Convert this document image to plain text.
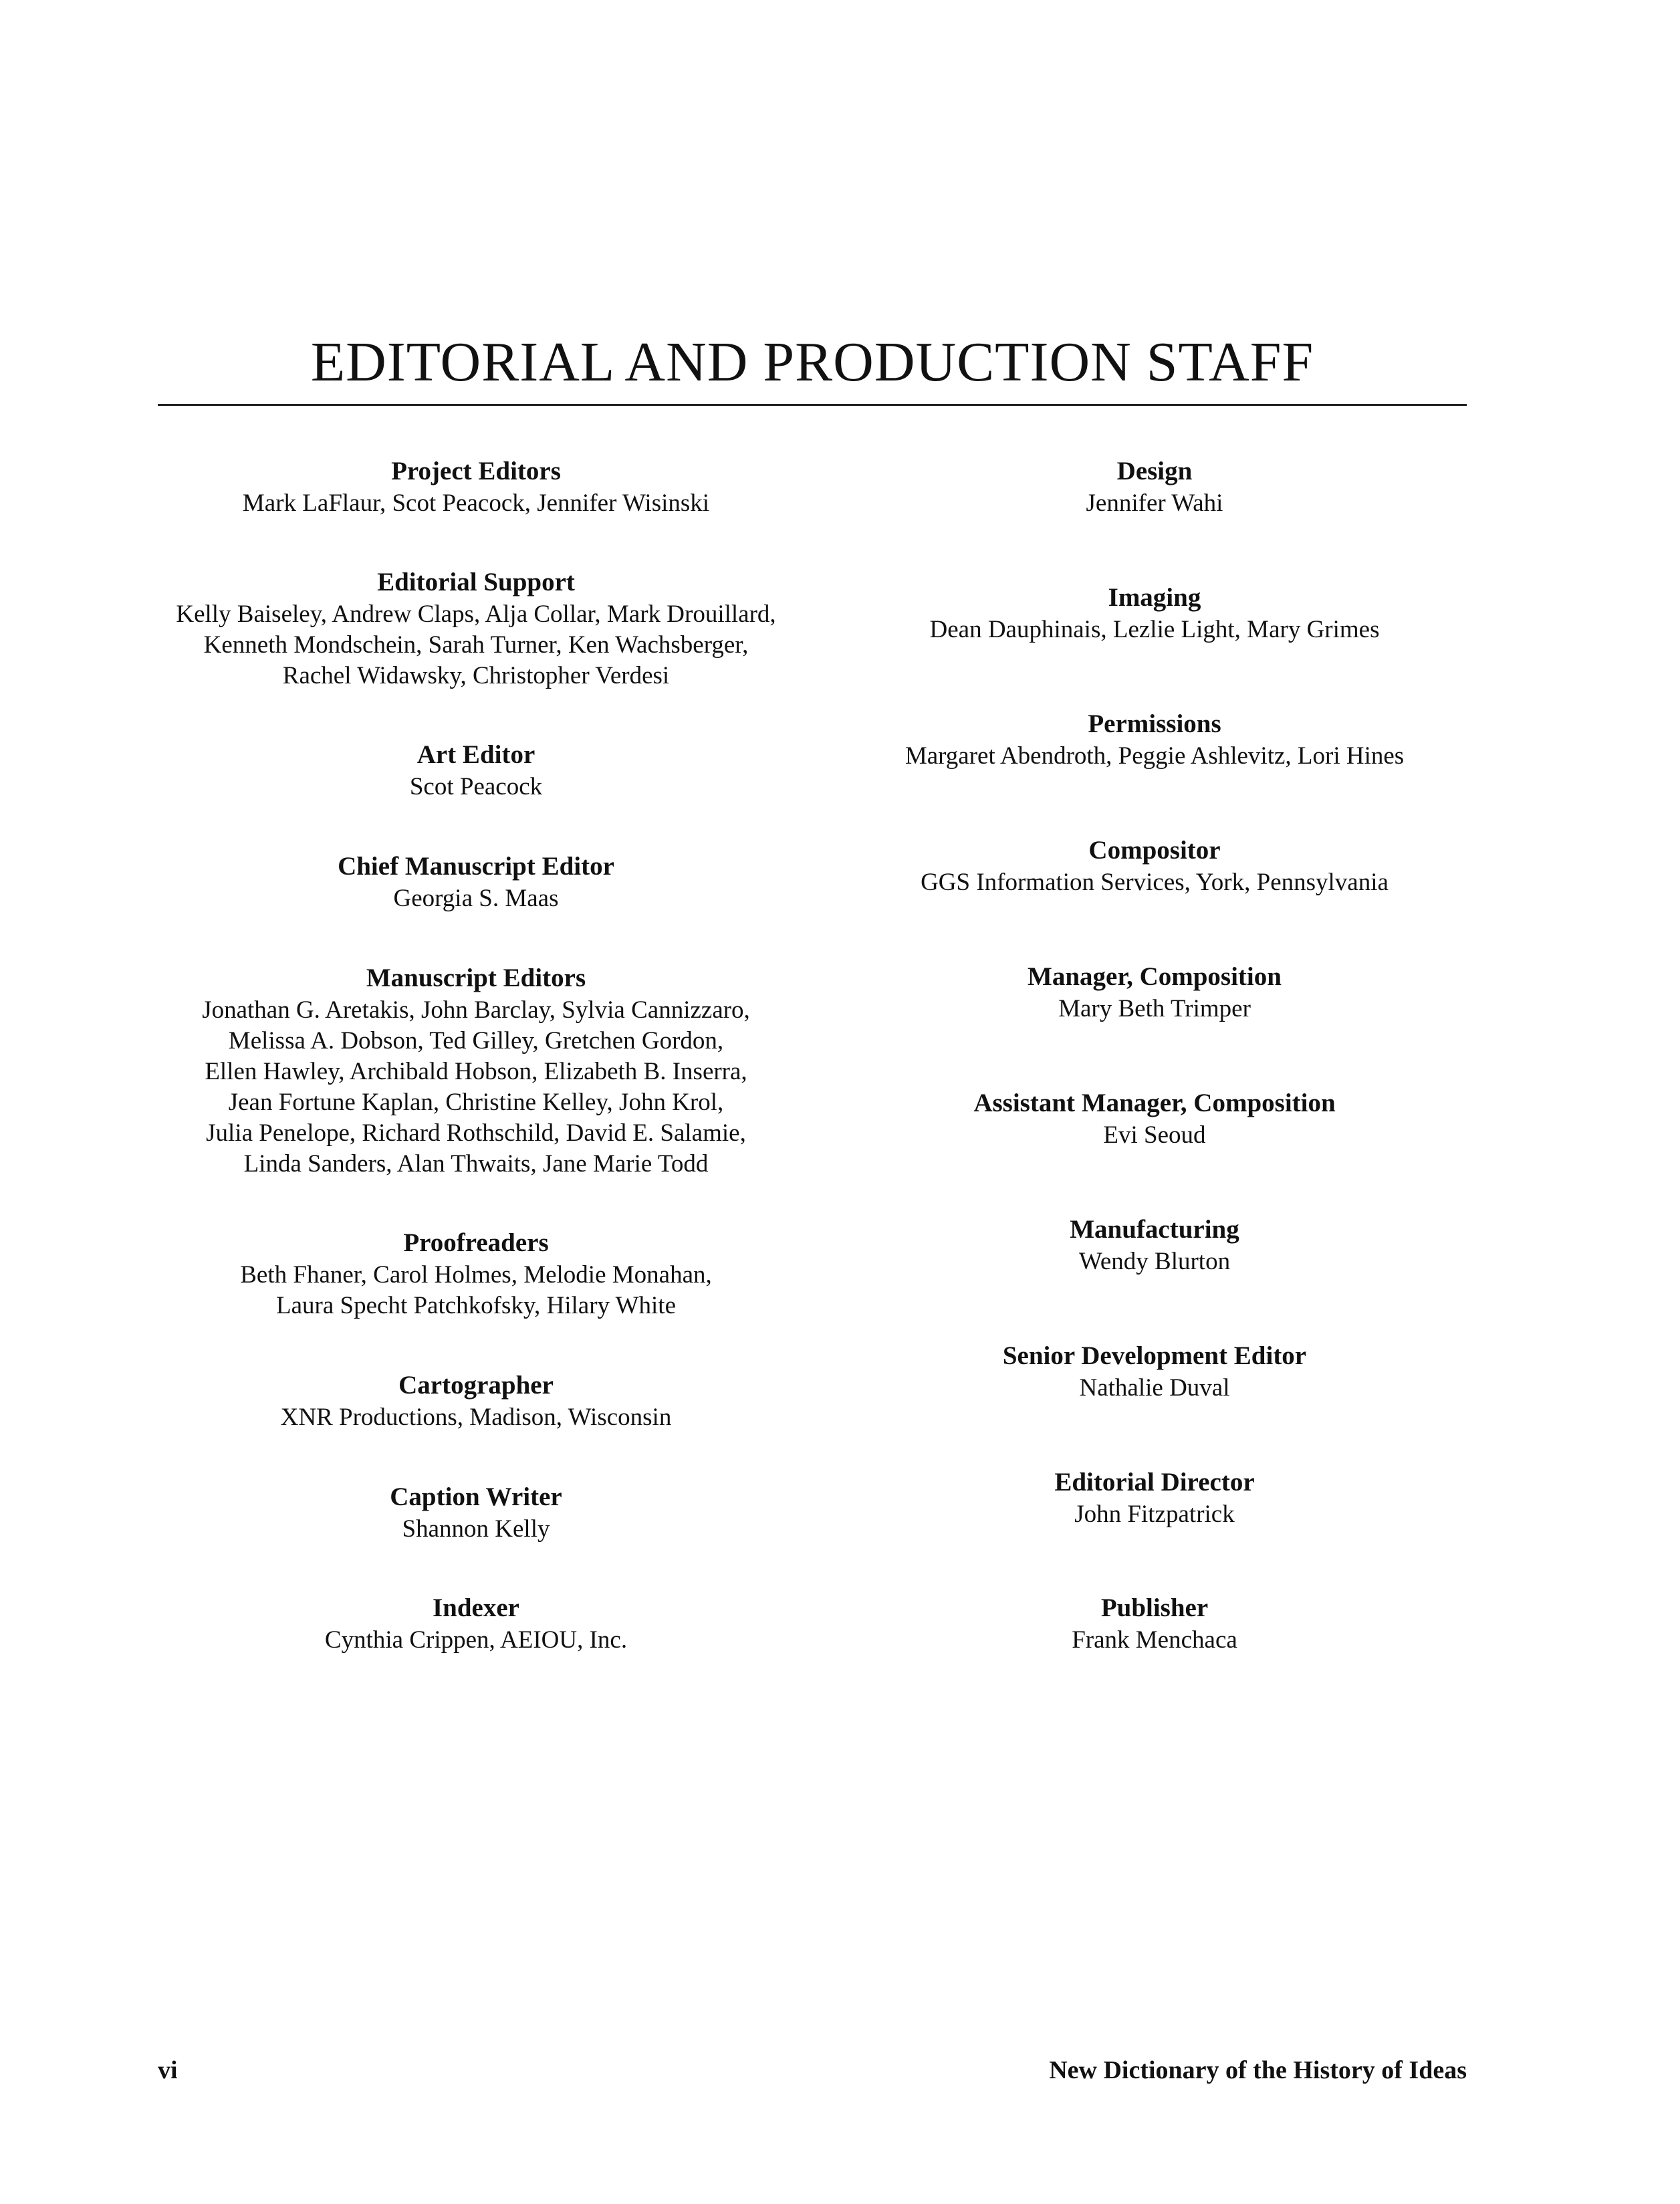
EDITORIAL AND PRODUCTION STAFF

Project Editors

Mark LaFlaur, Scot Peacock, Jennifer Wisinski

Editorial Support

Kelly Baiseley, Andrew Claps, Alja Collar, Mark Drouillard,
Kenneth Mondschein, Sarah Turner, Ken Wachsberger,
Rachel Widawsky, Christopher Verdesi

Art Editor

Scot Peacock

Chief Manuscript Editor

Georgia S. Maas

Manuscript Editors

Jonathan G. Aretakis, John Barclay, Sylvia Cannizzaro,
Melissa A. Dobson, Ted Gilley, Gretchen Gordon,
Ellen Hawley, Archibald Hobson, Elizabeth B. Inserra,
Jean Fortune Kaplan, Christine Kelley, John Krol,
Julia Penelope, Richard Rothschild, David E. Salamie,
Linda Sanders, Alan Thwaits, Jane Marie Todd

Proofreaders

Beth Fhaner, Carol Holmes, Melodie Monahan,
Laura Specht Patchkofsky, Hilary White

Cartographer

XNR Productions, Madison, Wisconsin

Caption Writer

Shannon Kelly

Indexer

Cynthia Crippen, AEIOU, Inc.

Design

Jennifer Wahi

Imaging

Dean Dauphinais, Lezlie Light, Mary Grimes

Permissions

Margaret Abendroth, Peggie Ashlevitz, Lori Hines

Compositor

GGS Information Services, York, Pennsylvania

Manager, Composition

Mary Beth Trimper

Assistant Manager, Composition

Evi Seoud

Manufacturing

Wendy Blurton

Senior Development Editor

Nathalie Duval

Editorial Director

John Fitzpatrick

Publisher

Frank Menchaca

vi	New Dictionary of the History of Ideas
